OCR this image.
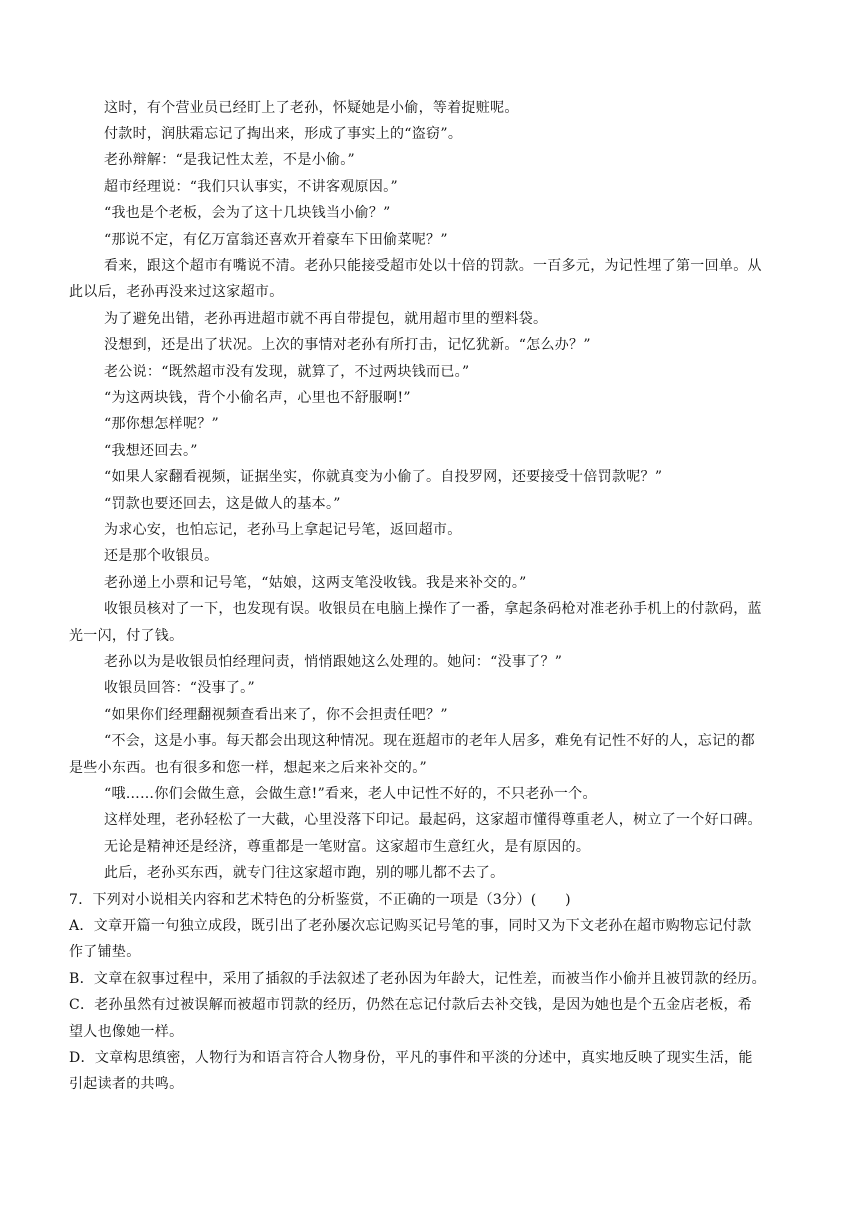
这时，有个营业员已经盯上了老孙，怀疑她是小偷，等着捉赃呢。
付款时，润肤霜忘记了掏出来，形成了事实上的“盗窃”。
老孙辩解：“是我记性太差，不是小偷。”
超市经理说：“我们只认事实，不讲客观原因。”
“我也是个老板，会为了这十几块钱当小偷？”
“那说不定，有亿万富翁还喜欢开着豪车下田偷菜呢？”
看来，跟这个超市有嘴说不清。老孙只能接受超市处以十倍的罚款。一百多元，为记性埋了第一回单。从
此以后，老孙再没来过这家超市。
为了避免出错，老孙再进超市就不再自带提包，就用超市里的塑料袋。
没想到，还是出了状况。上次的事情对老孙有所打击，记忆犹新。“怎么办？”
老公说：“既然超市没有发现，就算了，不过两块钱而已。”
“为这两块钱，背个小偷名声，心里也不舒服啊!”
“那你想怎样呢？”
“我想还回去。”
“如果人家翻看视频，证据坐实，你就真变为小偷了。自投罗网，还要接受十倍罚款呢？”
“罚款也要还回去，这是做人的基本。”
为求心安，也怕忘记，老孙马上拿起记号笔，返回超市。
还是那个收银员。
老孙递上小票和记号笔，“姑娘，这两支笔没收钱。我是来补交的。”
收银员核对了一下，也发现有误。收银员在电脑上操作了一番，拿起条码枪对准老孙手机上的付款码，蓝
光一闪，付了钱。
老孙以为是收银员怕经理问责，悄悄跟她这么处理的。她问：“没事了？”
收银员回答：“没事了。”
“如果你们经理翻视频查看出来了，你不会担责任吧？”
“不会，这是小事。每天都会出现这种情况。现在逛超市的老年人居多，难免有记性不好的人，忘记的都
是些小东西。也有很多和您一样，想起来之后来补交的。”
“哦……你们会做生意，会做生意!”看来，老人中记性不好的，不只老孙一个。
这样处理，老孙轻松了一大截，心里没落下印记。最起码，这家超市懂得尊重老人，树立了一个好口碑。
无论是精神还是经济，尊重都是一笔财富。这家超市生意红火，是有原因的。
此后，老孙买东西，就专门往这家超市跑，别的哪儿都不去了。
7．下列对小说相关内容和艺术特色的分析鉴赏，不正确的一项是（3分）(　　)
A．文章开篇一句独立成段，既引出了老孙屡次忘记购买记号笔的事，同时又为下文老孙在超市购物忘记付款
作了铺垫。
B．文章在叙事过程中，采用了插叙的手法叙述了老孙因为年龄大，记性差，而被当作小偷并且被罚款的经历。
C．老孙虽然有过被误解而被超市罚款的经历，仍然在忘记付款后去补交钱，是因为她也是个五金店老板，希
望人也像她一样。
D．文章构思缜密，人物行为和语言符合人物身份，平凡的事件和平淡的分述中，真实地反映了现实生活，能
引起读者的共鸣。
